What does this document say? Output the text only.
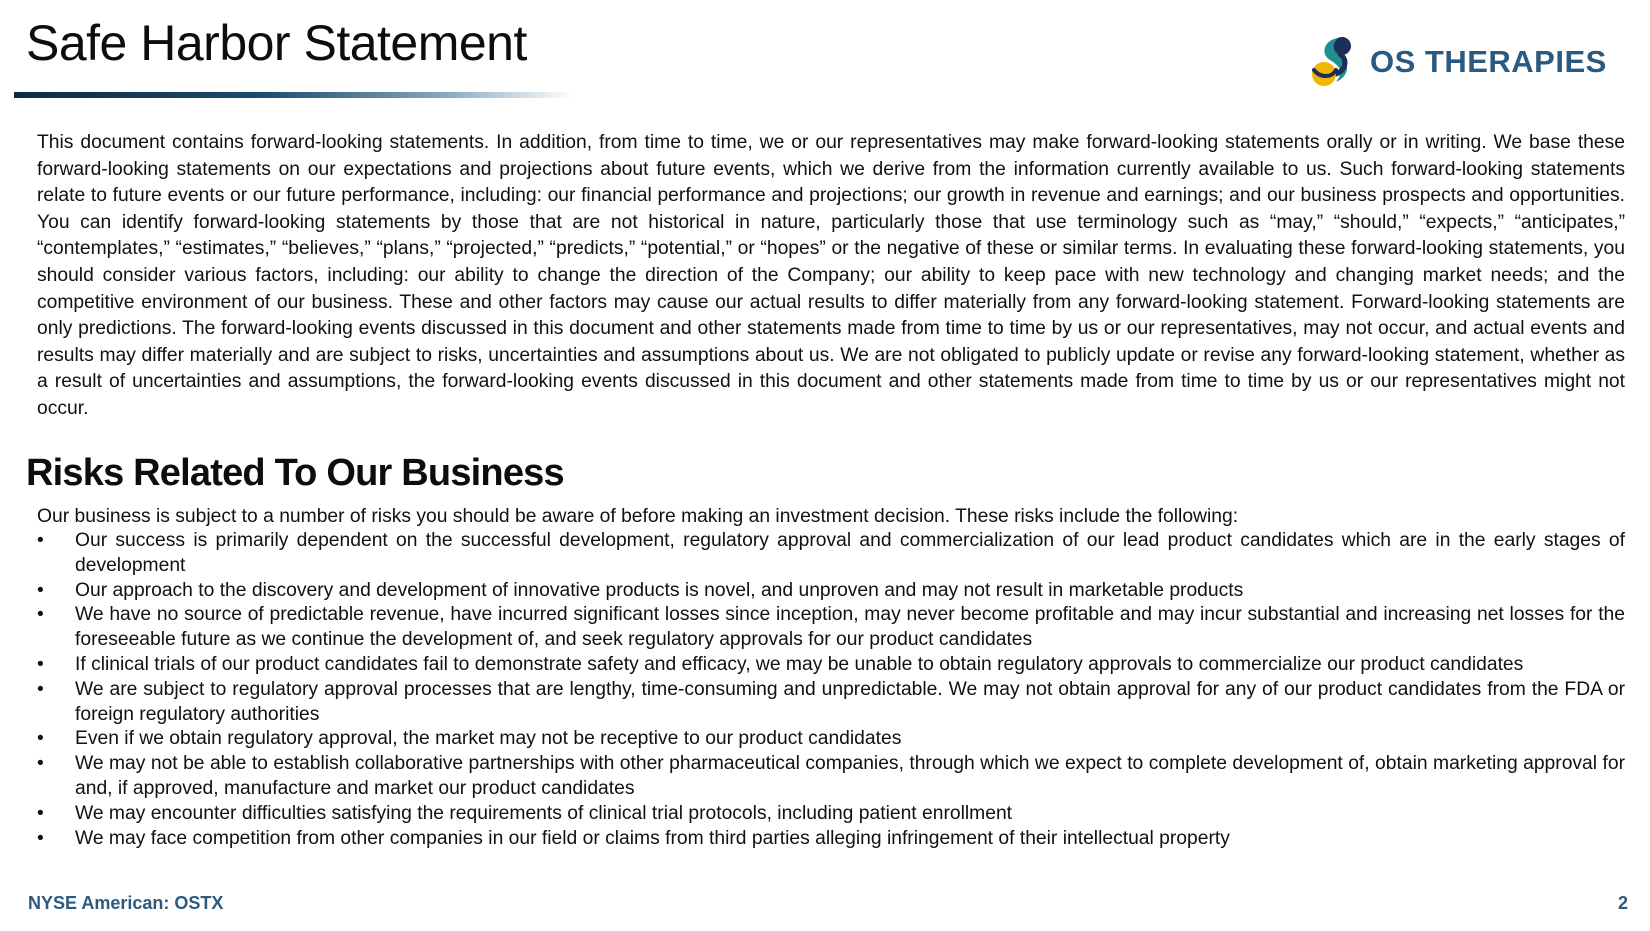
Safe Harbor Statement	OS THERAPIES

This document contains forward-looking statements. In addition, from time to time, we or our representatives may make forward-looking statements orally or in writing. We base these forward-looking statements on our expectations and projections about future events, which we derive from the information currently available to us. Such forward-looking statements relate to future events or our future performance, including: our financial performance and projections; our growth in revenue and earnings; and our business prospects and opportunities. You can identify forward-looking statements by those that are not historical in nature, particularly those that use terminology such as “may,” “should,” “expects,” “anticipates,” “contemplates,” “estimates,” “believes,” “plans,” “projected,” “predicts,” “potential,” or “hopes” or the negative of these or similar terms. In evaluating these forward-looking statements, you should consider various factors, including: our ability to change the direction of the Company; our ability to keep pace with new technology and changing market needs; and the competitive environment of our business. These and other factors may cause our actual results to differ materially from any forward-looking statement. Forward-looking statements are only predictions. The forward-looking events discussed in this document and other statements made from time to time by us or our representatives, may not occur, and actual events and results may differ materially and are subject to risks, uncertainties and assumptions about us. We are not obligated to publicly update or revise any forward-looking statement, whether as a result of uncertainties and assumptions, the forward-looking events discussed in this document and other statements made from time to time by us or our representatives might not occur.

Risks Related To Our Business

Our business is subject to a number of risks you should be aware of before making an investment decision. These risks include the following:

•	Our success is primarily dependent on the successful development, regulatory approval and commercialization of our lead product candidates which are in the early stages of development
•	Our approach to the discovery and development of innovative products is novel, and unproven and may not result in marketable products
•	We have no source of predictable revenue, have incurred significant losses since inception, may never become profitable and may incur substantial and increasing net losses for the foreseeable future as we continue the development of, and seek regulatory approvals for our product candidates
•	If clinical trials of our product candidates fail to demonstrate safety and efficacy, we may be unable to obtain regulatory approvals to commercialize our product candidates
•	We are subject to regulatory approval processes that are lengthy, time-consuming and unpredictable. We may not obtain approval for any of our product candidates from the FDA or foreign regulatory authorities
•	Even if we obtain regulatory approval, the market may not be receptive to our product candidates
•	We may not be able to establish collaborative partnerships with other pharmaceutical companies, through which we expect to complete development of, obtain marketing approval for and, if approved, manufacture and market our product candidates
•	We may encounter difficulties satisfying the requirements of clinical trial protocols, including patient enrollment
•	We may face competition from other companies in our field or claims from third parties alleging infringement of their intellectual property
NYSE American: OSTX	2
